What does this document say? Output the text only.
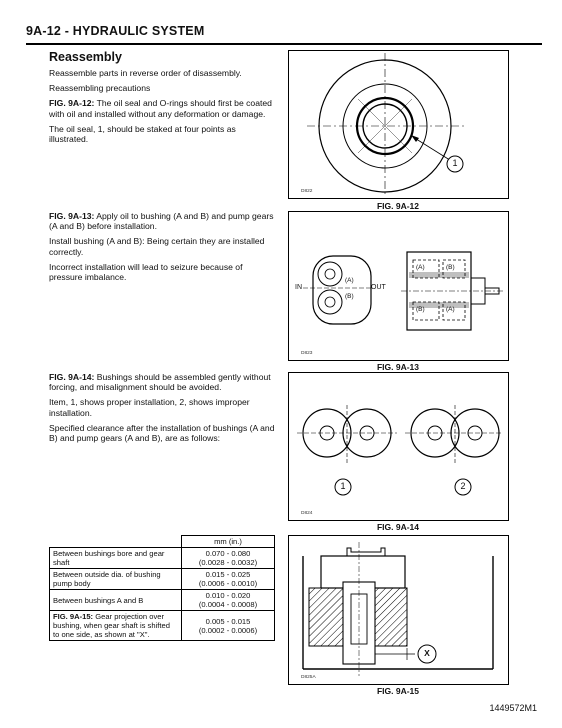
9A-12 - HYDRAULIC SYSTEM
Reassembly

Reassemble parts in reverse order of disassembly.

Reassembling precautions

FIG. 9A-12: The oil seal and O-rings should first be coated with oil and installed without any deformation or damage.

The oil seal, 1, should be staked at four points as illustrated.

FIG. 9A-13: Apply oil to bushing (A and B) and pump gears (A and B) before installation.

Install bushing (A and B): Being certain they are installed correctly.

Incorrect installation will lead to seizure because of pressure imbalance.

FIG. 9A-14: Bushings should be assembled gently without forcing, and misalignment should be avoided.

Item, 1, shows proper installation, 2, shows improper installation.

Specified clearance after the installation of bushings (A and B) and pump gears (A and B), are as follows:

	mm (in.)
Between bushings bore and gear shaft	0.070 - 0.080
(0.0028 - 0.0032)
Between outside dia. of bushing pump body	0.015 - 0.025
(0.0006 - 0.0010)
Between bushings A and B	0.010 - 0.020
(0.0004 - 0.0008)
FIG. 9A-15: Gear projection over bushing, when gear shaft is shifted to one side, as shown at "X".	0.005 - 0.015
(0.0002 - 0.0006)
1
D822
FIG. 9A-12
IN	OUT
(A)
(B)
(A)	(B)
(B)	(A)
D823
FIG. 9A-13
1	2
D824
FIG. 9A-14
X
D825A
FIG. 9A-15
1449572M1
